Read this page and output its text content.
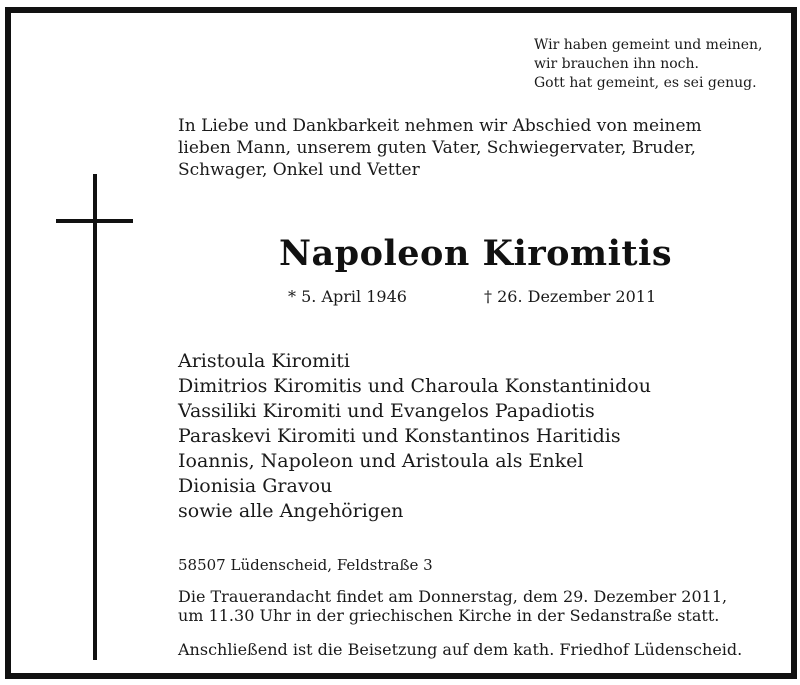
Wir haben gemeint und meinen,
wir brauchen ihn noch.
Gott hat gemeint, es sei genug.
In Liebe und Dankbarkeit nehmen wir Abschied von meinem
lieben Mann, unserem guten Vater, Schwiegervater, Bruder,
Schwager, Onkel und Vetter
Napoleon Kiromitis
* 5. April 1946	† 26. Dezember 2011
Aristoula Kiromiti
Dimitrios Kiromitis und Charoula Konstantinidou
Vassiliki Kiromiti und Evangelos Papadiotis
Paraskevi Kiromiti und Konstantinos Haritidis
Ioannis, Napoleon und Aristoula als Enkel
Dionisia Gravou
sowie alle Angehörigen
58507 Lüdenscheid, Feldstraße 3
Die Trauerandacht findet am Donnerstag, dem 29. Dezember 2011,
um 11.30 Uhr in der griechischen Kirche in der Sedanstraße statt.
Anschließend ist die Beisetzung auf dem kath. Friedhof Lüdenscheid.
